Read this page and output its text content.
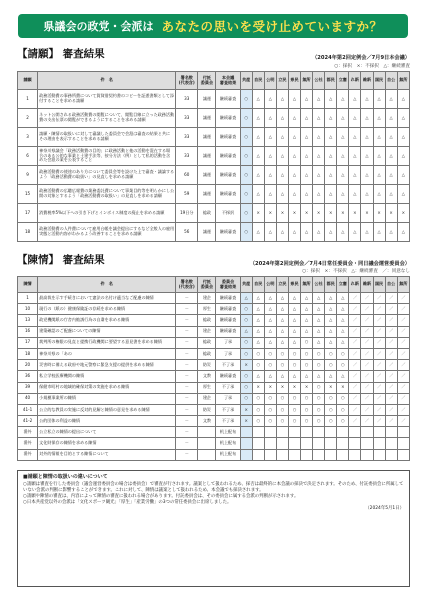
県議会の政党・会派は あなたの思いを受け止めていますか？
【請願】 審査結果	（2024年第2回定例会／7月9日本会議）
○：採択　×：不採択　△：継続審査
請願	件　名	署名数
(代表含)	付託
委員会	本会議
審査結果	共産	自民	公明	立民	県民	無所	公社	都民	立憲	れ新	維新	国民	自公	無所
1	政務活動費の事務所費について賃貸借契約書のコピーを証憑書類として添付することを求める請願	33	議運	継続審査	○	△	△	△	△	△	△	△	△	△	△	△	△	△
2	ネット公開される政務活動費の閲覧について、閲覧目線に立った政務活動費の支出伝票の閲覧ができるようにすることを求める請願	33	議運	継続審査	○	△	△	△	△	△	△	△	△	△	△	△	△	△
3	請願・陳情の取扱いに対して審議した委員会で会派は審査の結果と共にその理由を表示することを求める請願	33	議運	継続審査	○	△	△	△	△	△	△	△	△	△	△	△	△	△
6	神奈川県議会「政務活動費の目的」に政務活動と他の活動を混在する場合のある公的な事業と土建手法等、按分方法（例）として私的活動を含めた会派の案を公表すること	33	議運	継続審査	○	△	△	△	△	△	△	△	△	△	△	△	△	△
9	政務活動費の使途のあり方について委員会等を設けた上で審査・議論するよう「政務活動費の取扱い」の見直しを求める請願	60	議運	継続審査	○	△	△	△	△	△	△	△	△	△	△	△	△	△
15	政務活動費の広聴広報費の業務委託費について事業目的等を明らかにし公開の対象とするよう「政務活動費の取扱い」の見直しを求める請願	59	議運	継続審査	○	△	△	△	△	△	△	△	△	△	△	△	△	△
17	消費税率5%以下への引き下げとインボイス制度の廃止を求める請願	19日分	総政	不採択	○	×	×	×	×	×	×	×	×	×	×	×	×	×
18	政務活動費の人件費について雇用台帳を議会提出にするなど全般人の雇用実態と活動内容がわかるよう改善することを求める請願	56	議運	継続審査	○	△	△	△	△	△	△	△	△	△	△	△	△	△
【陳情】 審査結果	（2024年第2回定例会／7月4日常任委員会・同日議会運営委員会）
○：採択　×：不採択　△：継続審査　／：同意なし
陳情	件　名	署名数
(代表含)	付託
委員会	委員会
審査結果	共産	自民	公明	立民	県民	無所	公社	都民	立憲	れ新	維新	国民	自公	無所
1	最高裁を示す手続きにおいて憲法の名付け適当なご配慮の陳情	－	建企	継続審査	△	△	△	△	△	△	△	△	△	／	／	／	／	／
10	現行の（紙の）健康保険証の存続を求める陳情	－	厚生	継続審査	○	△	△	△	△	△	△	△	△	／	／	／	／	／
13	政党機関紙の庁舎内勧誘行為の自粛を求める陳情	－	総政	継続審査	○	△	△	△	△	△	△	△	△	／	／	／	／	／
16	建築確認のご配慮についての陳情	－	建企	継続審査	△	△	△	△	△	△	△	△	△	／	／	／	／	／
17	裁判所の権限の見直と提携行政機関に要望する意見書を求める陳情	－	総政	了承	○	△	△	△	△	○	△	△	△	／	／	／	／	／
18	神奈川県の「あの	－	総政	了承	○	○	○	○	○	○	○	○	○	／	／	／	／	／
20	災害時に備える政府や地元警察に緊急支援の提供を求める陳情	－	防災	不了承	×	○	○	○	○	○	○	○	○	／	／	／	／	／
36	私立学校医療機関の陳情	－	文教	継続審査	○	△	△	△	△	△	△	△	△	／	／	／	／	／
39	保健市町村の地域的確保対策の実施を求める陳情	－	厚生	不了承	○	×	×	×	×	×	○	×	×	／	／	／	／	／
40	小規模事業所の陳情	－	建企	了承	○	○	○	○	○	○	○	○	○	／	／	／	／	／
41-1	公立的な教員の実施に反対的見解と陳情の意見を求める陳情	－	防災	不了承	×	○	○	○	○	○	○	○	○	／	／	／	／	／
41-2	公的団体の利益の陳情	－	文教	不了承	×	○	○	○	○	○	○	○	○	／	／	／	／	／
番外	公立私立の陳情の提出について	－		机上配布														
番外	文化財保存の陳情を求める陳情	－		机上配布														
番外	対外的情報を目的とする陳情について	－		机上配布														
■請願と陳情の取扱いの違いについて

○請願は審査を行した委員会（議会運営委員会の場合は委員会）で審査が行されます。議案として扱われるため、採否は最終的に本会議の採決で決定されます。そのため、付託委員会に所属していない会派の判断に影響することができます。これに対して、陳情は議案として扱われるため、本会議でも採決されます。

○請願や陳情の審査は、内容によって陳情の審査に扱われる場合があります。付託委員会は、その委員会に属する会派の判断が示されます。

○日本共産党以外の会派は「文化スポーツ観光」「厚生」「産業労働」の3つの常任委員会に出席しました。

（2024年5月1日）
